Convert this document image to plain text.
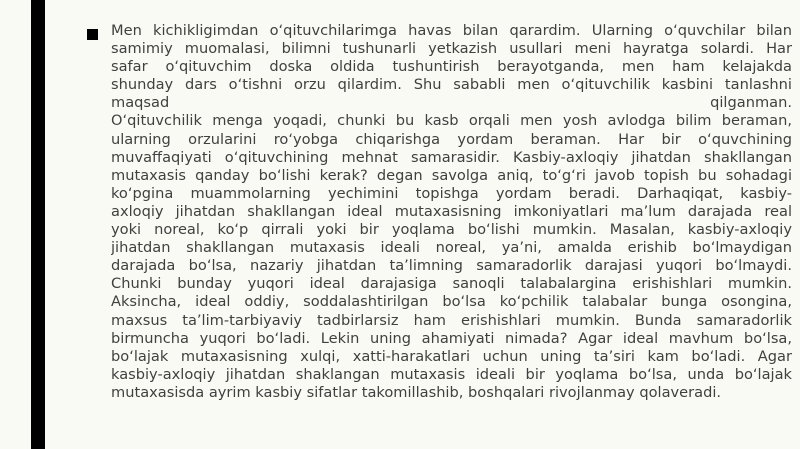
Men kichikligimdan o‘qituvchilarimga havas bilan qarardim. Ularning o‘quvchilar bilan
samimiy muomalasi, bilimni tushunarli yetkazish usullari meni hayratga solardi. Har
safar o‘qituvchim doska oldida tushuntirish berayotganda, men ham kelajakda
shunday dars o‘tishni orzu qilardim. Shu sababli men o‘qituvchilik kasbini tanlashni
maqsad                                                                                                qilganman.
O‘qituvchilik menga yoqadi, chunki bu kasb orqali men yosh avlodga bilim beraman,
ularning orzularini ro‘yobga chiqarishga yordam beraman. Har bir o‘quvchining
muvaffaqiyati o‘qituvchining mehnat samarasidir. Kasbiy-axloqiy jihatdan shakllangan
mutaxasis qanday bo‘lishi kerak? degan savolga aniq, to‘g‘ri javob topish bu sohadagi
ko‘pgina muammolarning yechimini topishga yordam beradi. Darhaqiqat, kasbiy-
axloqiy jihatdan shakllangan ideal mutaxasisning imkoniyatlari ma’lum darajada real
yoki noreal, ko‘p qirrali yoki bir yoqlama bo‘lishi mumkin. Masalan, kasbiy-axloqiy
jihatdan shakllangan mutaxasis ideali noreal, ya’ni, amalda erishib bo‘lmaydigan
darajada bo‘lsa, nazariy jihatdan ta’limning samaradorlik darajasi yuqori bo‘lmaydi.
Chunki bunday yuqori ideal darajasiga sanoqli talabalargina erishishlari mumkin.
Aksincha, ideal oddiy, soddalashtirilgan bo‘lsa ko‘pchilik talabalar bunga osongina,
maxsus ta’lim-tarbiyaviy tadbirlarsiz ham erishishlari mumkin. Bunda samaradorlik
birmuncha yuqori bo‘ladi. Lekin uning ahamiyati nimada? Agar ideal mavhum bo‘lsa,
bo‘lajak mutaxasisning xulqi, xatti-harakatlari uchun uning ta’siri kam bo‘ladi. Agar
kasbiy-axloqiy jihatdan shaklangan mutaxasis ideali bir yoqlama bo‘lsa, unda bo‘lajak
mutaxasisda ayrim kasbiy sifatlar takomillashib, boshqalari rivojlanmay qolaveradi.
